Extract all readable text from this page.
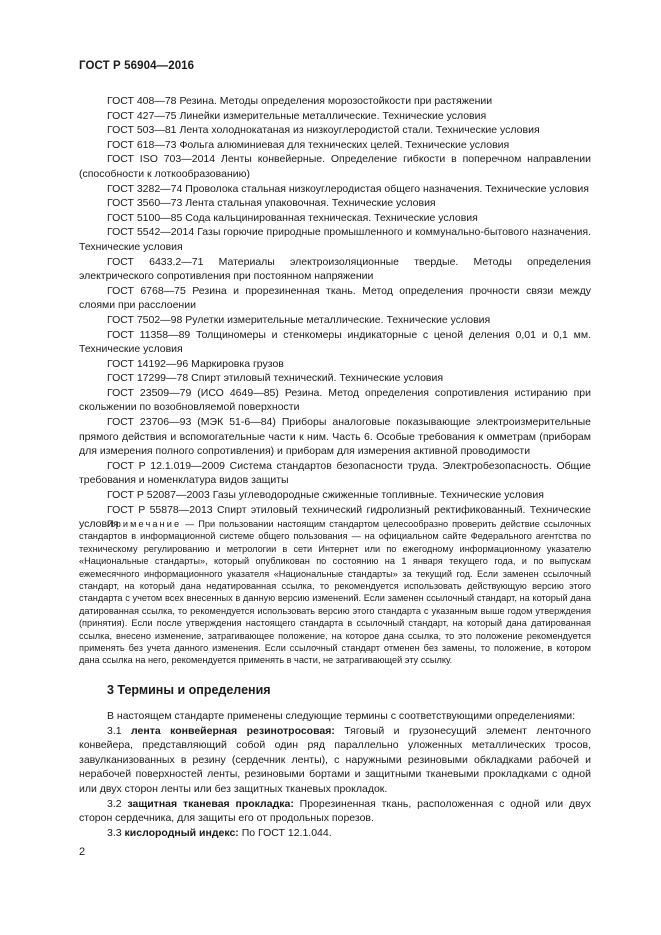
ГОСТ Р 56904—2016

ГОСТ 408—78 Резина. Методы определения морозостойкости при растяжении

ГОСТ 427—75 Линейки измерительные металлические. Технические условия

ГОСТ 503—81 Лента холоднокатаная из низкоуглеродистой стали. Технические условия

ГОСТ 618—73 Фольга алюминиевая для технических целей. Технические условия

ГОСТ ISO 703—2014 Ленты конвейерные. Определение гибкости в поперечном направлении (способности к лоткообразованию)

ГОСТ 3282—74 Проволока стальная низкоуглеродистая общего назначения. Технические условия

ГОСТ 3560—73 Лента стальная упаковочная. Технические условия

ГОСТ 5100—85 Сода кальцинированная техническая. Технические условия

ГОСТ 5542—2014 Газы горючие природные промышленного и коммунально-бытового назначения. Технические условия

ГОСТ 6433.2—71 Материалы электроизоляционные твердые. Методы определения электрического сопротивления при постоянном напряжении

ГОСТ 6768—75 Резина и прорезиненная ткань. Метод определения прочности связи между слоями при расслоении

ГОСТ 7502—98 Рулетки измерительные металлические. Технические условия

ГОСТ 11358—89 Толщиномеры и стенкомеры индикаторные с ценой деления 0,01 и 0,1 мм. Технические условия

ГОСТ 14192—96 Маркировка грузов

ГОСТ 17299—78 Спирт этиловый технический. Технические условия

ГОСТ 23509—79 (ИСО 4649—85) Резина. Метод определения сопротивления истиранию при скольжении по возобновляемой поверхности

ГОСТ 23706—93 (МЭК 51-6—84) Приборы аналоговые показывающие электроизмерительные прямого действия и вспомогательные части к ним. Часть 6. Особые требования к омметрам (приборам для измерения полного сопротивления) и приборам для измерения активной проводимости

ГОСТ Р 12.1.019—2009 Система стандартов безопасности труда. Электробезопасность. Общие требования и номенклатура видов защиты

ГОСТ Р 52087—2003 Газы углеводородные сжиженные топливные. Технические условия

ГОСТ Р 55878—2013 Спирт этиловый технический гидролизный ректификованный. Технические условия

Примечание — При пользовании настоящим стандартом целесообразно проверить действие ссылочных стандартов в информационной системе общего пользования — на официальном сайте Федерального агентства по техническому регулированию и метрологии в сети Интернет или по ежегодному информационному указателю «Национальные стандарты», который опубликован по состоянию на 1 января текущего года, и по выпускам ежемесячного информационного указателя «Национальные стандарты» за текущий год. Если заменен ссылочный стандарт, на который дана недатированная ссылка, то рекомендуется использовать действующую версию этого стандарта с учетом всех внесенных в данную версию изменений. Если заменен ссылочный стандарт, на который дана датированная ссылка, то рекомендуется использовать версию этого стандарта с указанным выше годом утверждения (принятия). Если после утверждения настоящего стандарта в ссылочный стандарт, на который дана датированная ссылка, внесено изменение, затрагивающее положение, на которое дана ссылка, то это положение рекомендуется применять без учета данного изменения. Если ссылочный стандарт отменен без замены, то положение, в котором дана ссылка на него, рекомендуется применять в части, не затрагивающей эту ссылку.
3 Термины и определения

В настоящем стандарте применены следующие термины с соответствующими определениями:

3.1 лента конвейерная резинотросовая: Тяговый и грузонесущий элемент ленточного конвейера, представляющий собой один ряд параллельно уложенных металлических тросов, завулканизованных в резину (сердечник ленты), с наружными резиновыми обкладками рабочей и нерабочей поверхностей ленты, резиновыми бортами и защитными тканевыми прокладками с одной или двух сторон ленты или без защитных тканевых прокладок.

3.2 защитная тканевая прокладка: Прорезиненная ткань, расположенная с одной или двух сторон сердечника, для защиты его от продольных порезов.

3.3 кислородный индекс: По ГОСТ 12.1.044.

2
